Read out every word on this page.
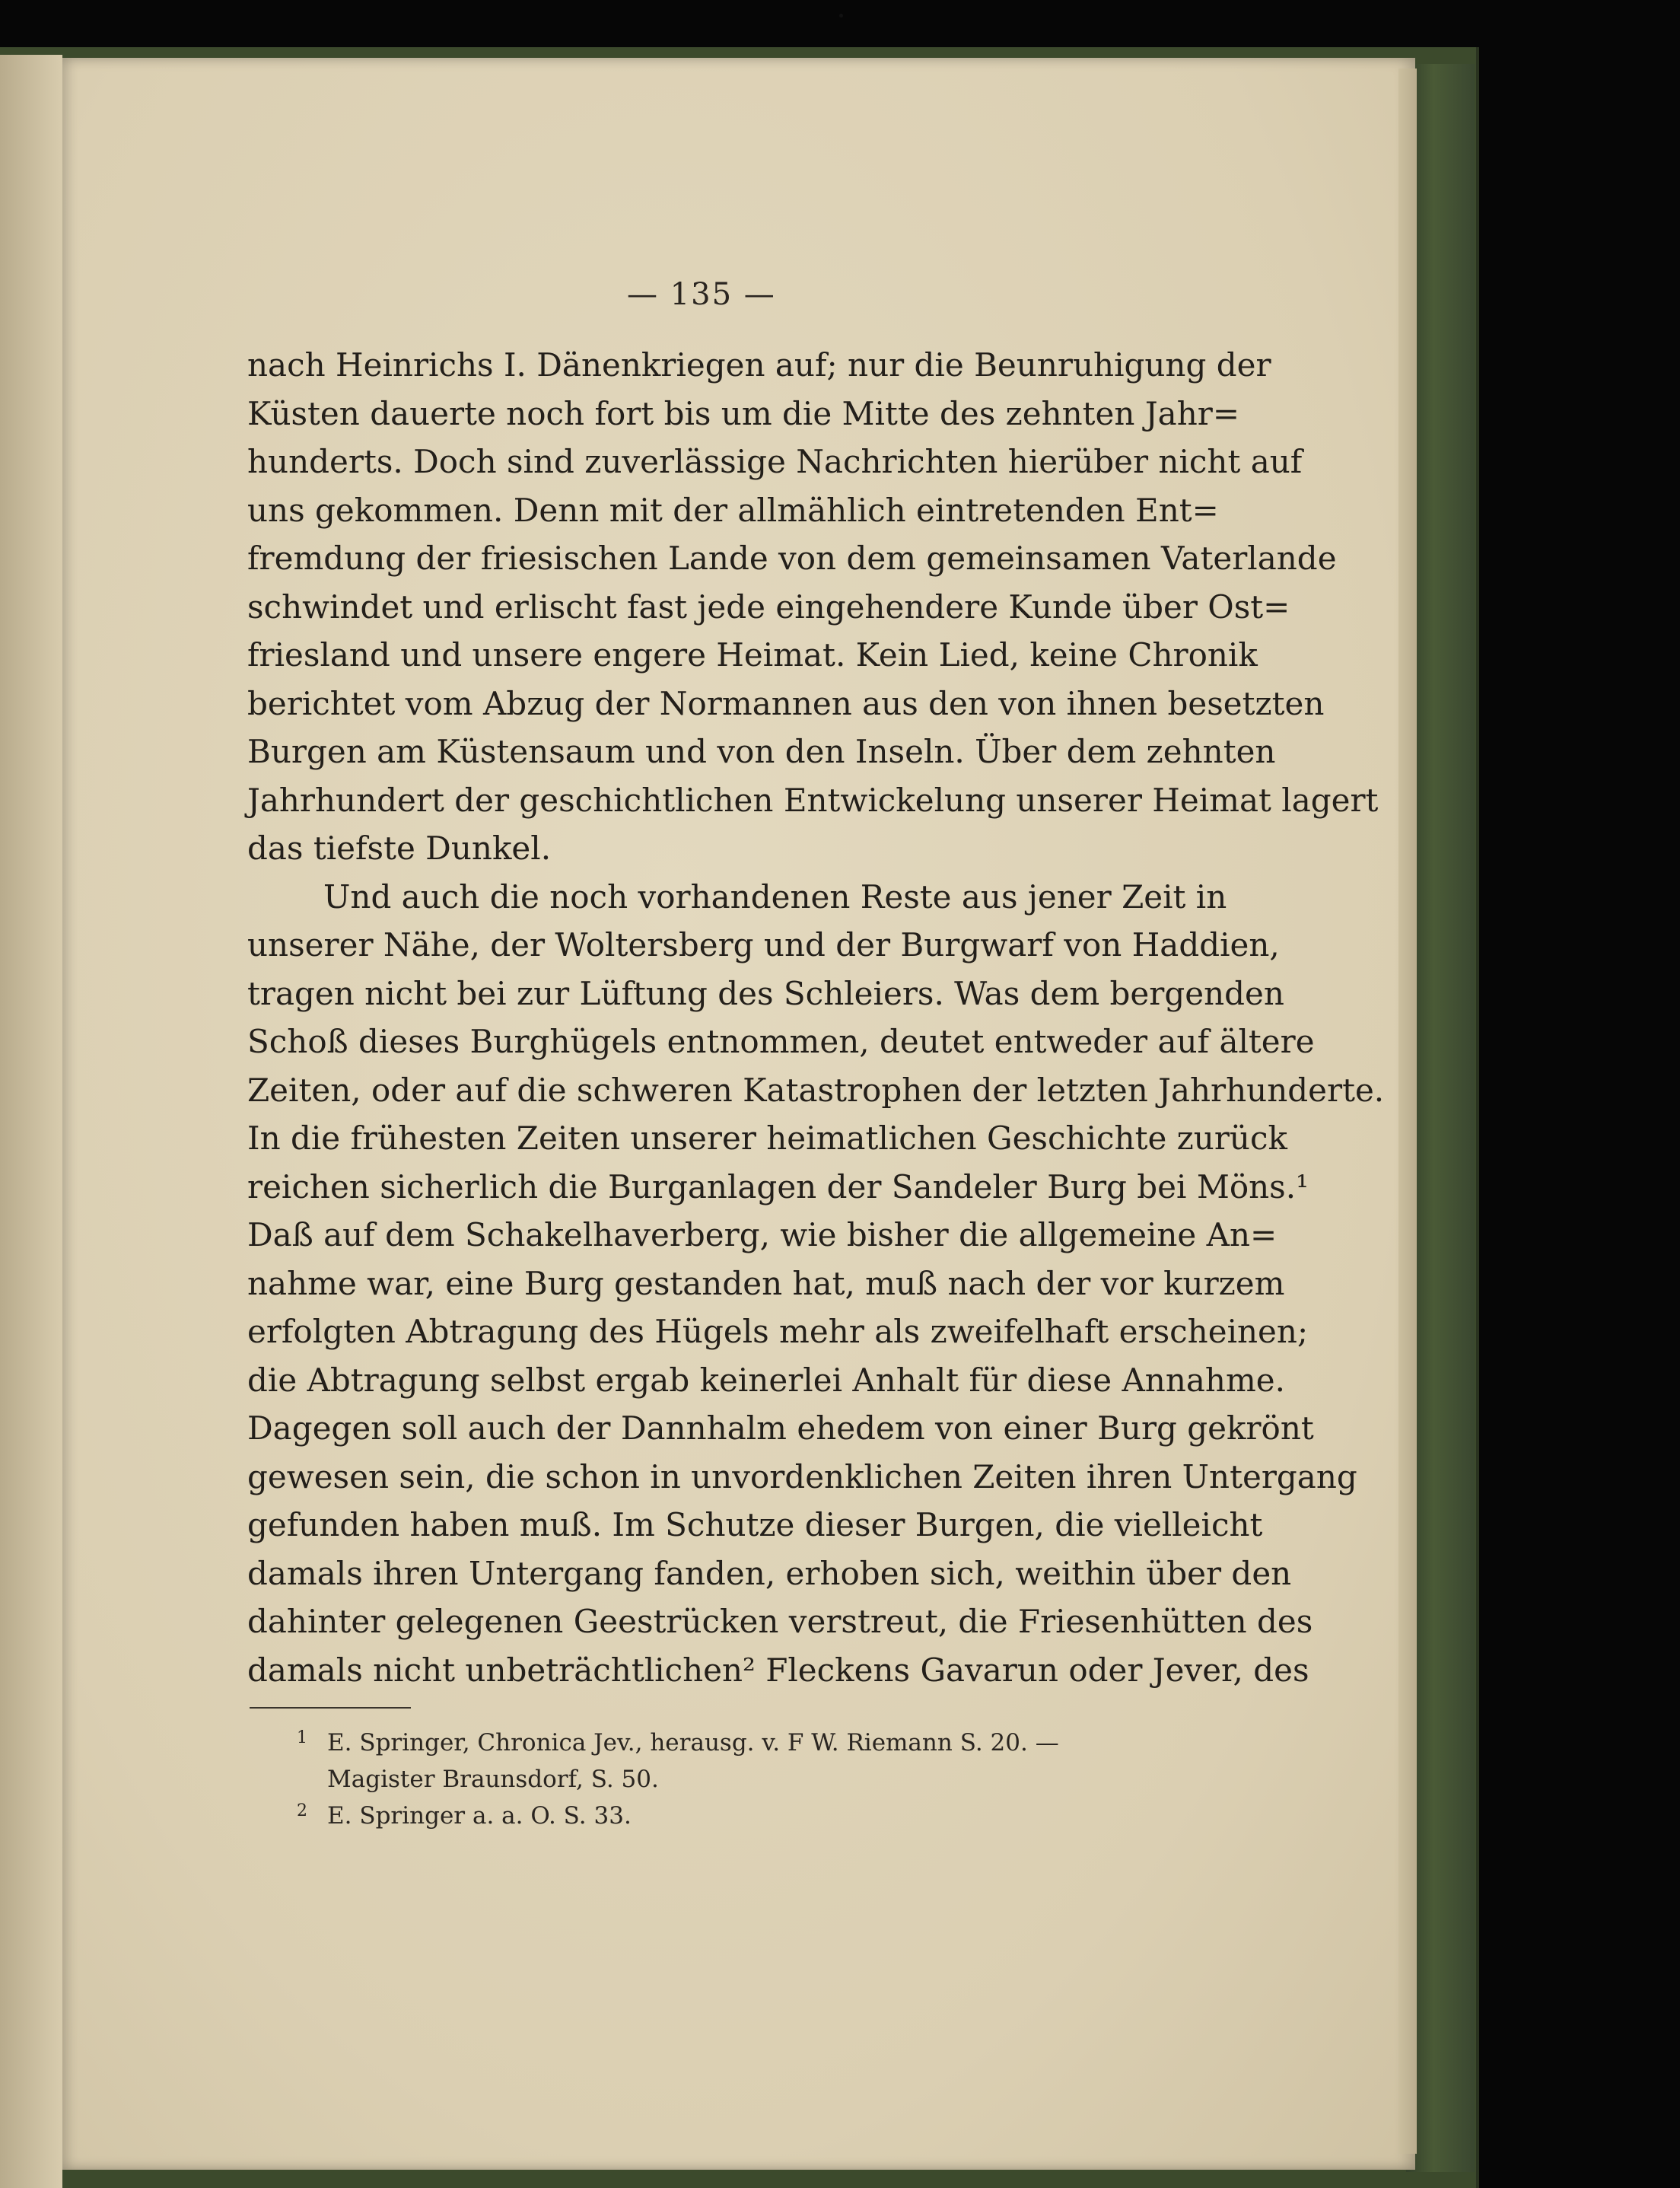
— 135 —
nach Heinrichs I. Dänenkriegen auf; nur die Beunruhigung der
Küsten dauerte noch fort bis um die Mitte des zehnten Jahr=
hunderts. Doch sind zuverlässige Nachrichten hierüber nicht auf
uns gekommen. Denn mit der allmählich eintretenden Ent=
fremdung der friesischen Lande von dem gemeinsamen Vaterlande
schwindet und erlischt fast jede eingehendere Kunde über Ost=
friesland und unsere engere Heimat. Kein Lied, keine Chronik
berichtet vom Abzug der Normannen aus den von ihnen besetzten
Burgen am Küstensaum und von den Inseln. Über dem zehnten
Jahrhundert der geschichtlichen Entwickelung unserer Heimat lagert
das tiefste Dunkel.
Und auch die noch vorhandenen Reste aus jener Zeit in
unserer Nähe, der Woltersberg und der Burgwarf von Haddien,
tragen nicht bei zur Lüftung des Schleiers. Was dem bergenden
Schoß dieses Burghügels entnommen, deutet entweder auf ältere
Zeiten, oder auf die schweren Katastrophen der letzten Jahrhunderte.
In die frühesten Zeiten unserer heimatlichen Geschichte zurück
reichen sicherlich die Burganlagen der Sandeler Burg bei Möns.¹
Daß auf dem Schakelhaverberg, wie bisher die allgemeine An=
nahme war, eine Burg gestanden hat, muß nach der vor kurzem
erfolgten Abtragung des Hügels mehr als zweifelhaft erscheinen;
die Abtragung selbst ergab keinerlei Anhalt für diese Annahme.
Dagegen soll auch der Dannhalm ehedem von einer Burg gekrönt
gewesen sein, die schon in unvordenklichen Zeiten ihren Untergang
gefunden haben muß. Im Schutze dieser Burgen, die vielleicht
damals ihren Untergang fanden, erhoben sich, weithin über den
dahinter gelegenen Geestrücken verstreut, die Friesenhütten des
damals nicht unbeträchtlichen² Fleckens Gavarun oder Jever, des
1 E. Springer, Chronica Jev., herausg. v. F W. Riemann S. 20. —
Magister Braunsdorf, S. 50.
2 E. Springer a. a. O. S. 33.
